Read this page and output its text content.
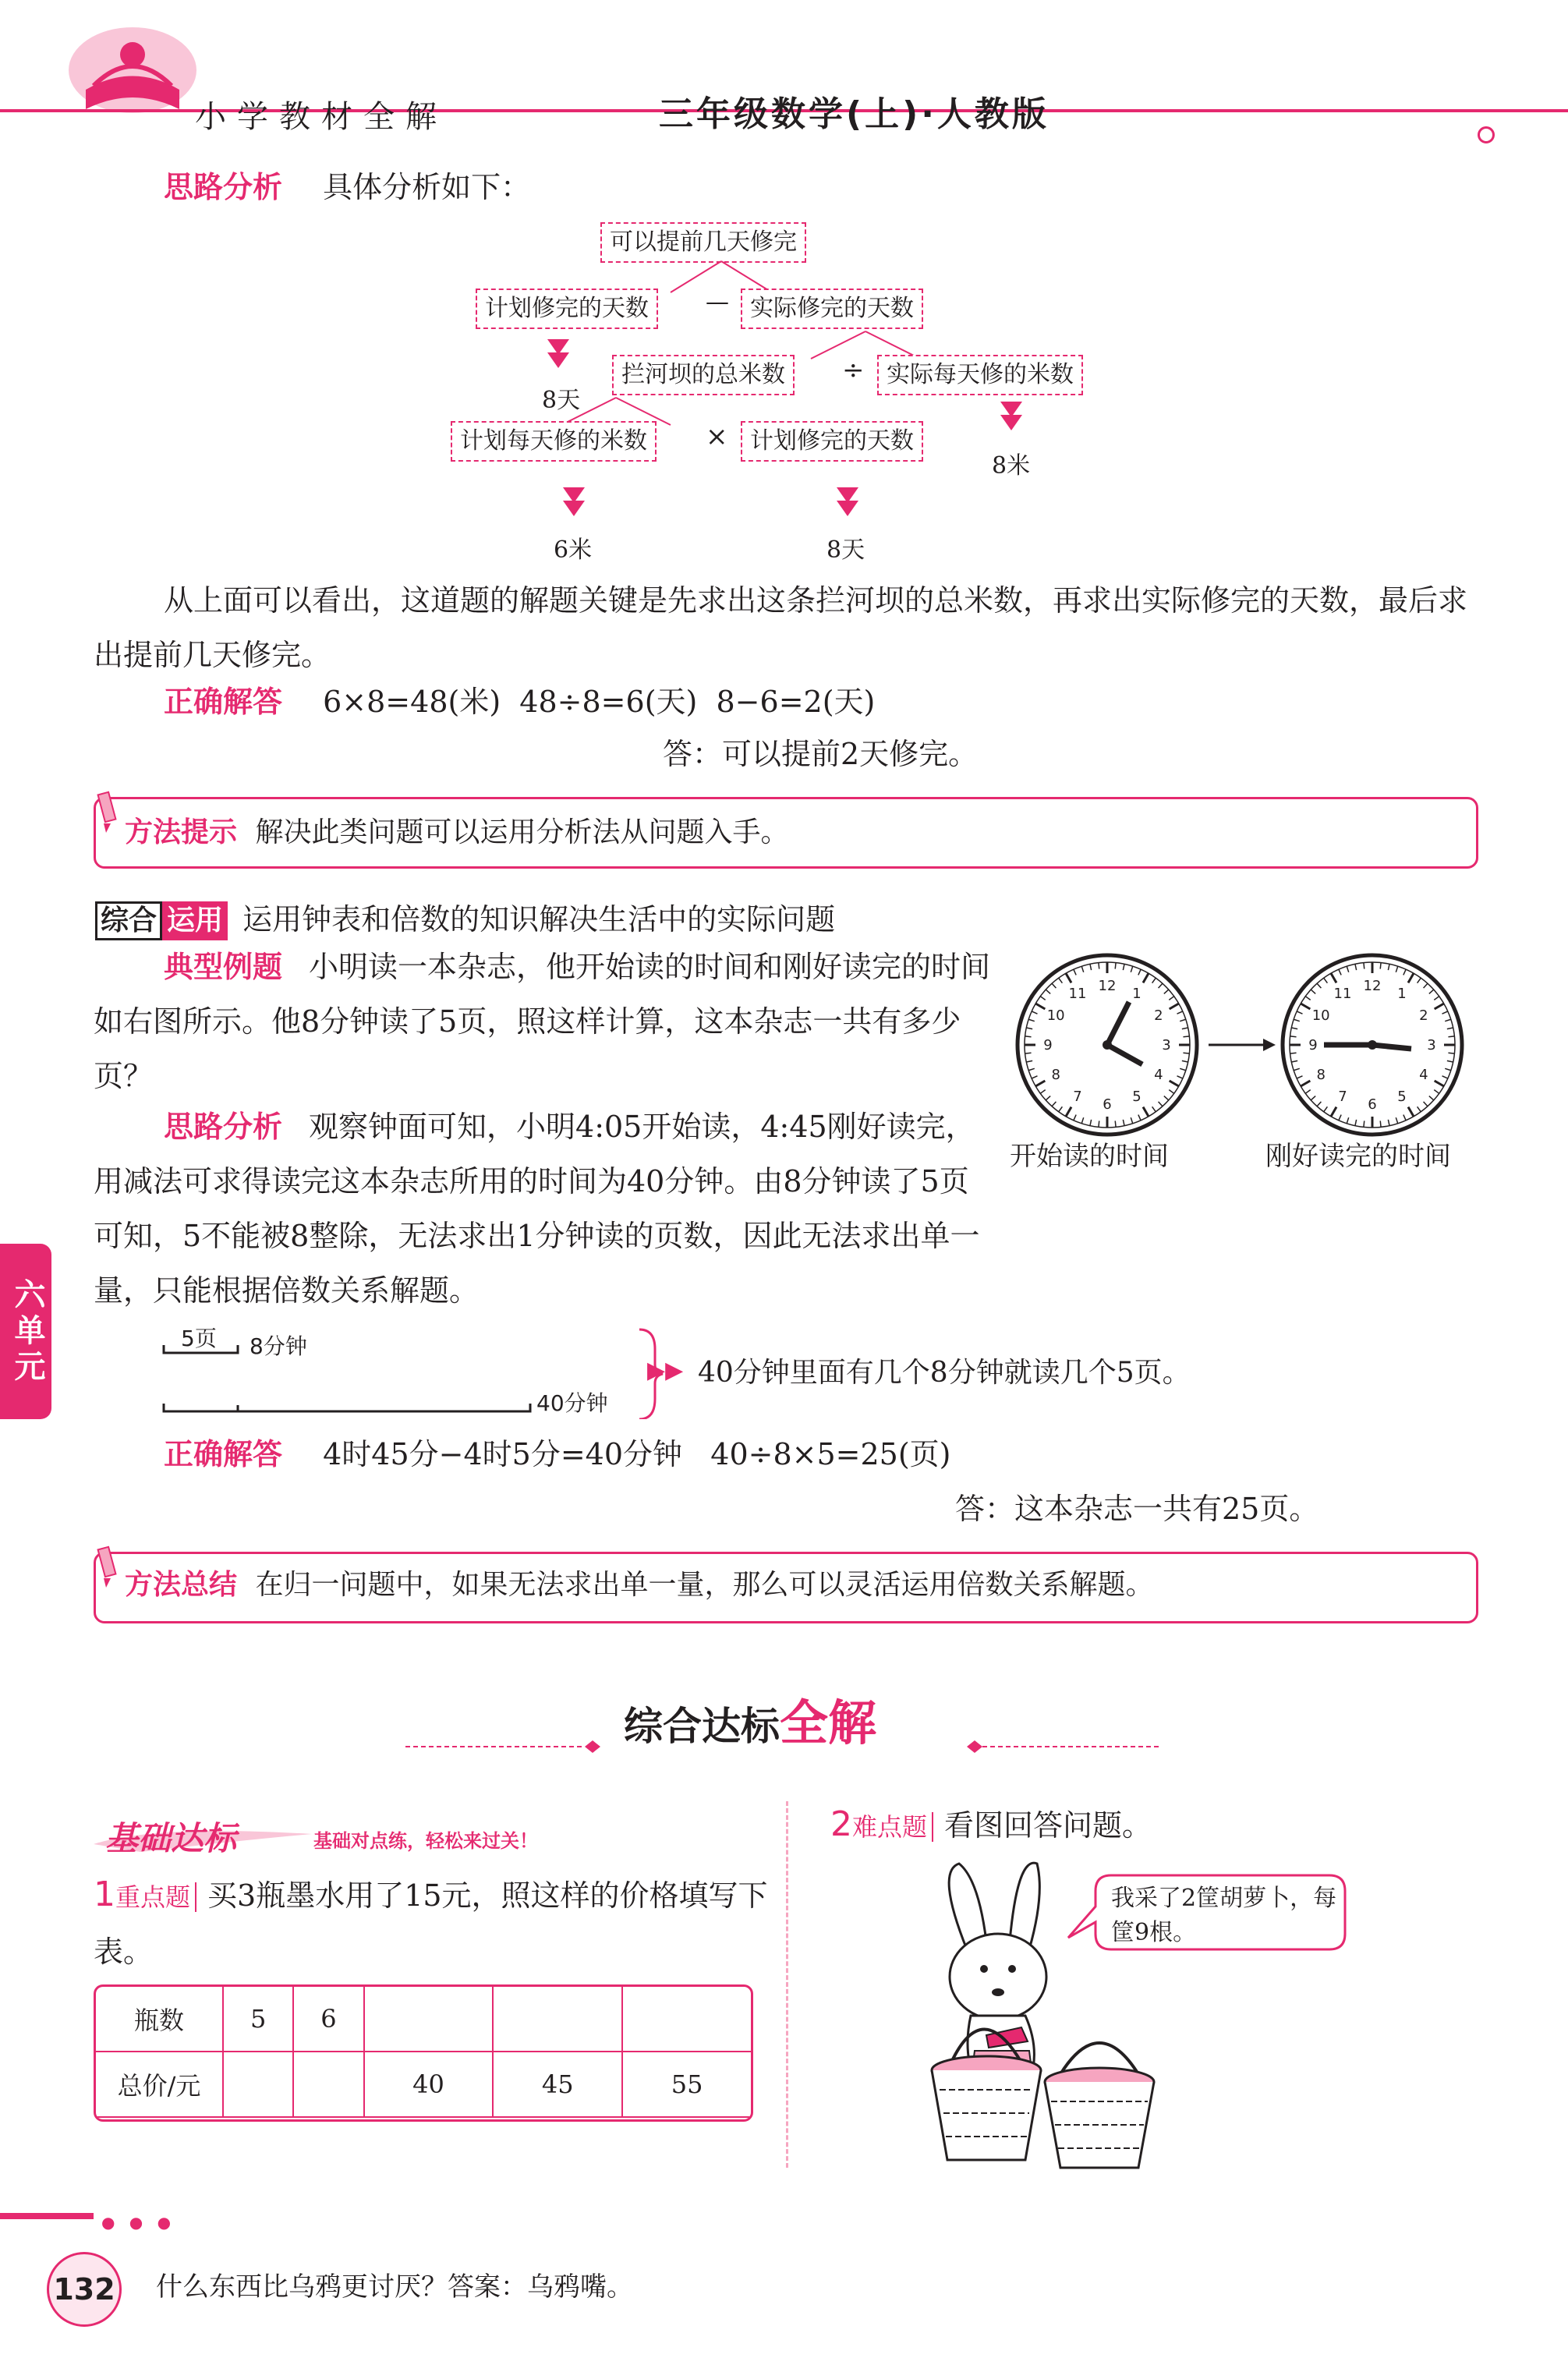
小学教材全解	三年级数学(上)·人教版
思路分析 具体分析如下：
可以提前几天修完
计划修完的天数	— 实际修完的天数
8天
拦河坝的总米数	÷ 实际每天修的米数
8米
计划每天修的米数	× 计划修完的天数
6米	8天
从上面可以看出，这道题的解题关键是先求出这条拦河坝的总米数，再求出实际修完的天数，最后求出提前几天修完。
正确解答 6×8=48(米)  48÷8=6(天)  8−6=2(天)
答：可以提前2天修完。
方法提示 解决此类问题可以运用分析法从问题入手。
综合 运用 运用钟表和倍数的知识解决生活中的实际问题
典型例题 小明读一本杂志，他开始读的时间和刚好读完的时间如右图所示。他8分钟读了5页，照这样计算，这本杂志一共有多少页？
12 1
2
3
4
5
6
7
8
9
10
11	12 1
2
3
4
5
6
7
8
9
10
11
开始读的时间	刚好读完的时间
思路分析 观察钟面可知，小明4:05开始读，4:45刚好读完，用减法可求得读完这本杂志所用的时间为40分钟。由8分钟读了5页可知，5不能被8整除，无法求出1分钟读的页数，因此无法求出单一量，只能根据倍数关系解题。
5页 8分钟
40分钟
▶▶ 40分钟里面有几个8分钟就读几个5页。
正确解答 4时45分−4时5分=40分钟   40÷8×5=25(页)
答：这本杂志一共有25页。
方法总结 在归一问题中，如果无法求出单一量，那么可以灵活运用倍数关系解题。
综合达标全解
基础达标	基础对点练，轻松来过关！
1重点题 买3瓶墨水用了15元，照这样的价格填写下表。
瓶数	5	6			
总价/元			40	45	55
2难点题 看图回答问题。
我采了2筐胡萝卜，每筐9根。
六单元
● ● ●
132 什么东西比乌鸦更讨厌？答案：乌鸦嘴。
